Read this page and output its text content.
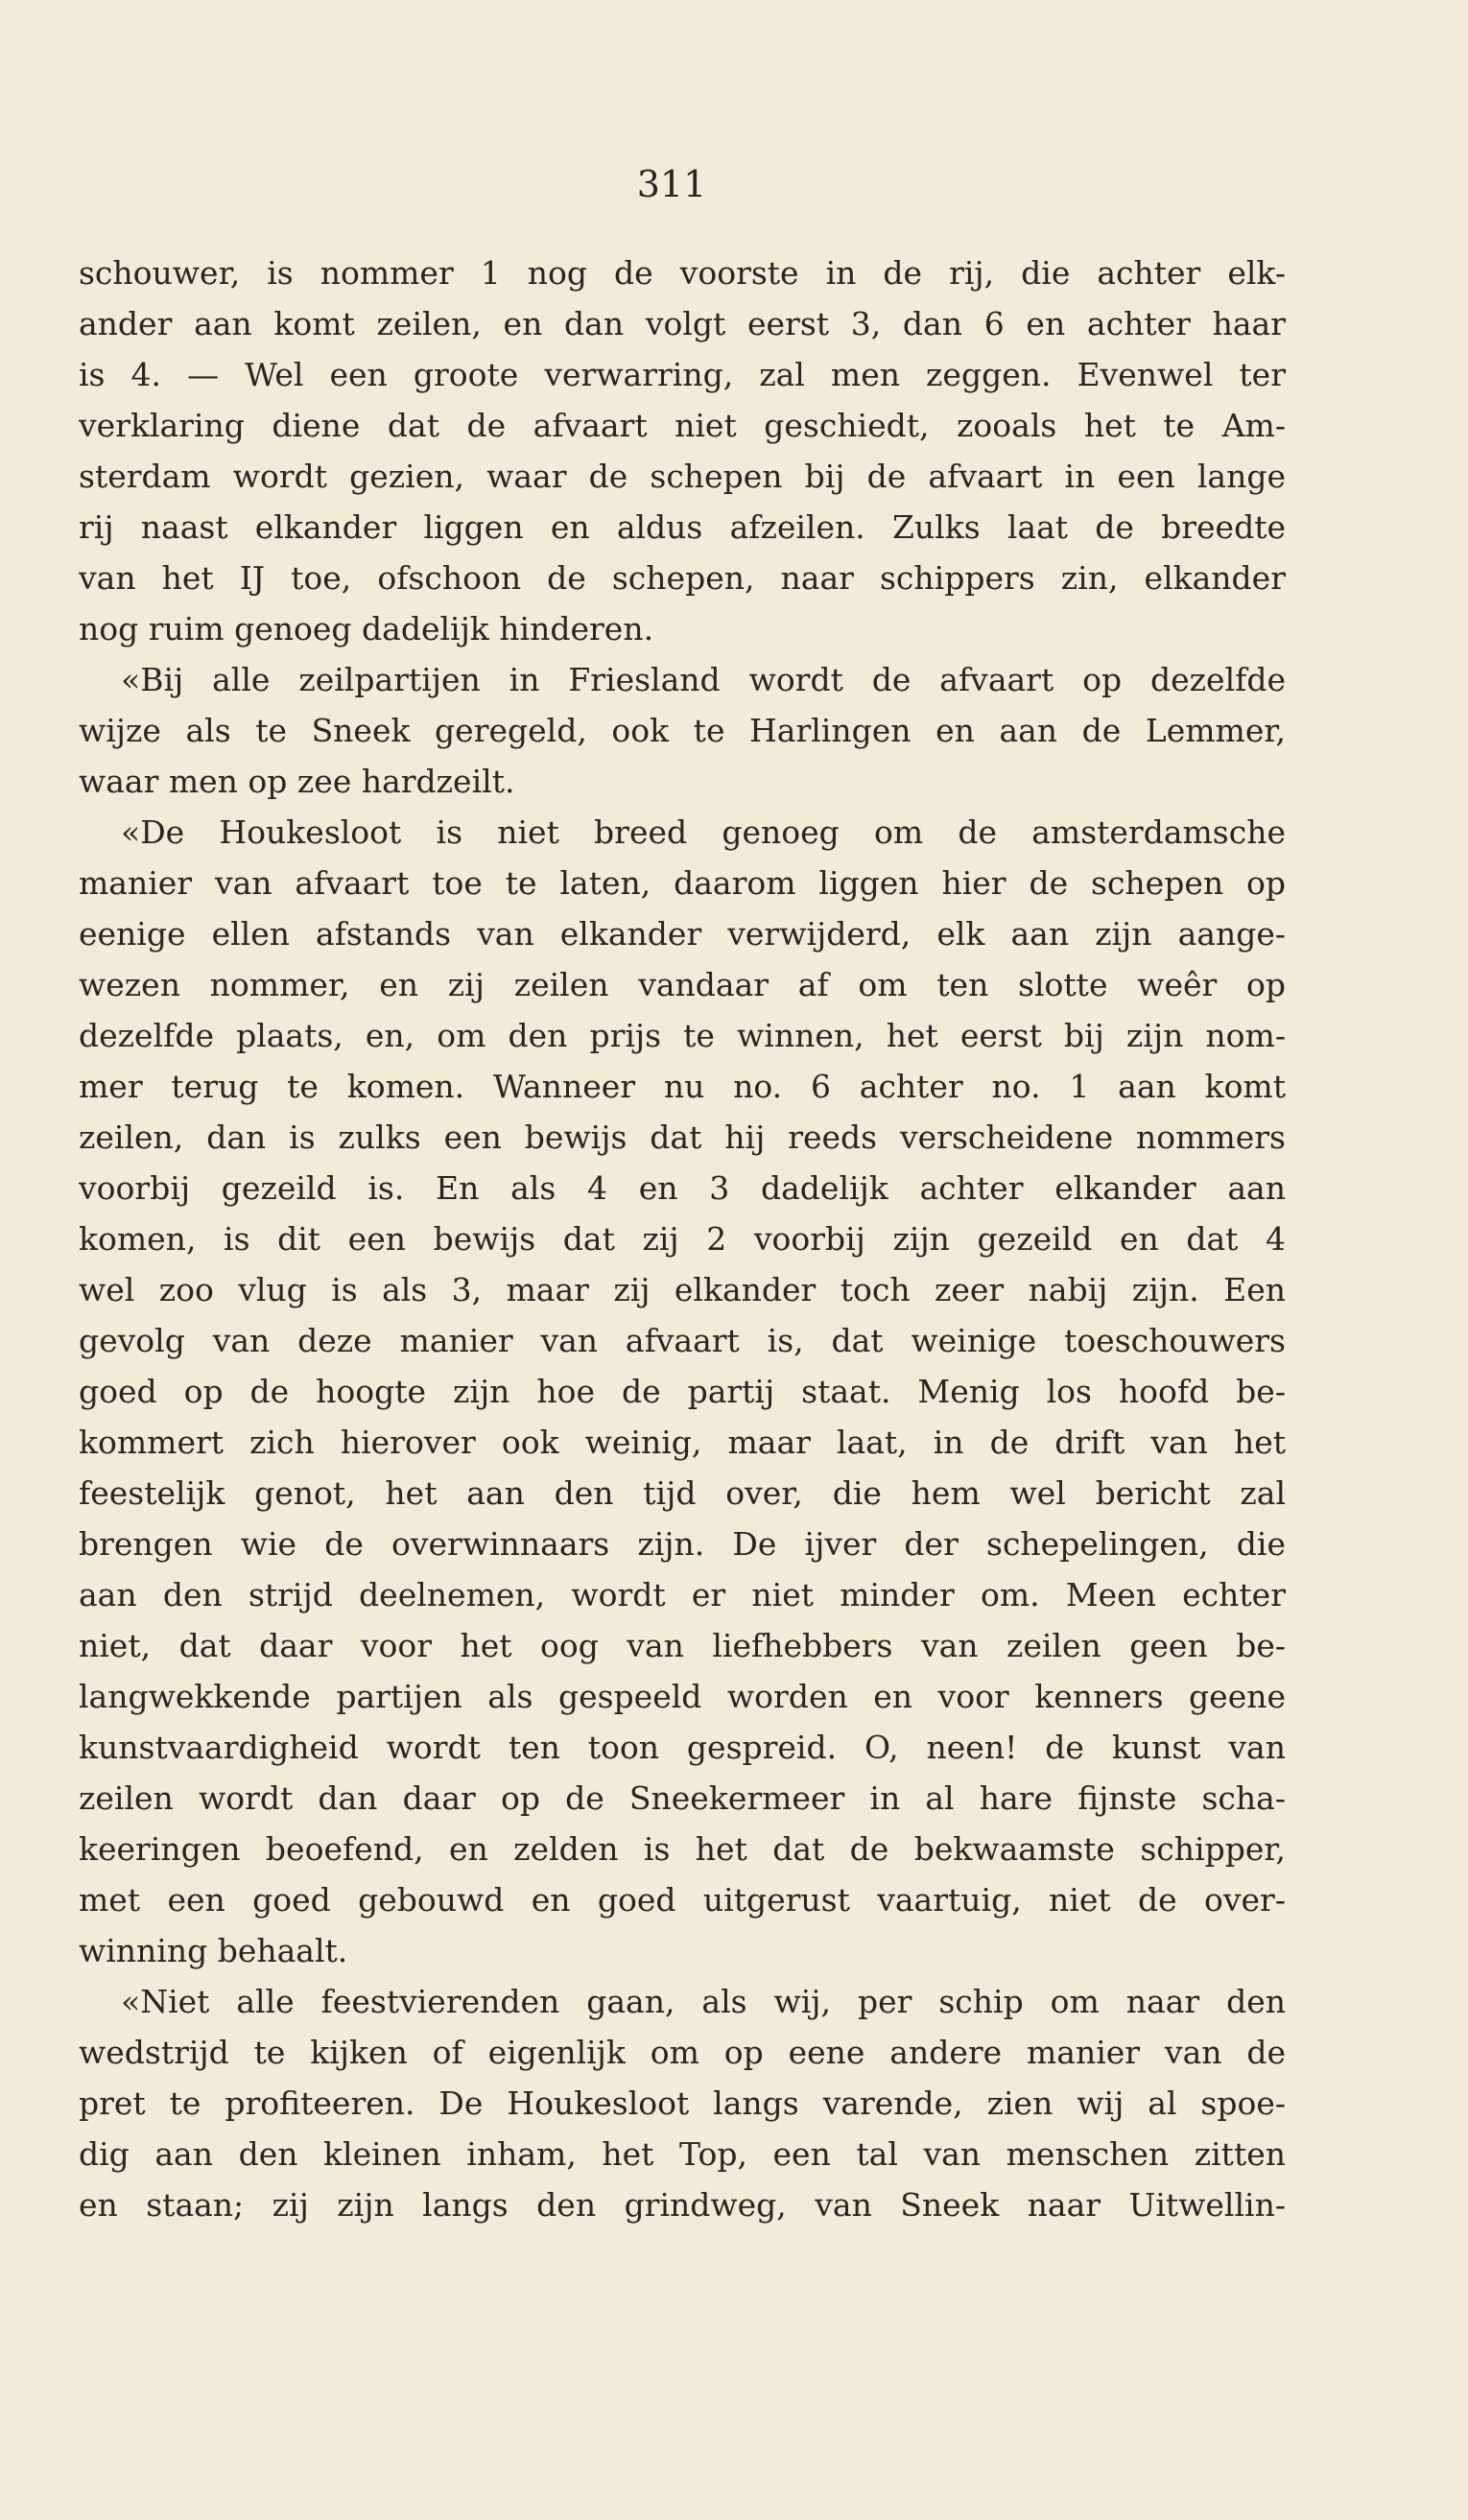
311
schouwer, is nommer 1 nog de voorste in de rij, die achter elk-
ander aan komt zeilen, en dan volgt eerst 3, dan 6 en achter haar
is 4. — Wel een groote verwarring, zal men zeggen. Evenwel ter
verklaring diene dat de afvaart niet geschiedt, zooals het te Am-
sterdam wordt gezien, waar de schepen bij de afvaart in een lange
rij naast elkander liggen en aldus afzeilen. Zulks laat de breedte
van het IJ toe, ofschoon de schepen, naar schippers zin, elkander
nog ruim genoeg dadelijk hinderen.
«Bij alle zeilpartijen in Friesland wordt de afvaart op dezelfde
wijze als te Sneek geregeld, ook te Harlingen en aan de Lemmer,
waar men op zee hardzeilt.
«De Houkesloot is niet breed genoeg om de amsterdamsche
manier van afvaart toe te laten, daarom liggen hier de schepen op
eenige ellen afstands van elkander verwijderd, elk aan zijn aange-
wezen nommer, en zij zeilen vandaar af om ten slotte weêr op
dezelfde plaats, en, om den prijs te winnen, het eerst bij zijn nom-
mer terug te komen. Wanneer nu no. 6 achter no. 1 aan komt
zeilen, dan is zulks een bewijs dat hij reeds verscheidene nommers
voorbij gezeild is. En als 4 en 3 dadelijk achter elkander aan
komen, is dit een bewijs dat zij 2 voorbij zijn gezeild en dat 4
wel zoo vlug is als 3, maar zij elkander toch zeer nabij zijn. Een
gevolg van deze manier van afvaart is, dat weinige toeschouwers
goed op de hoogte zijn hoe de partij staat. Menig los hoofd be-
kommert zich hierover ook weinig, maar laat, in de drift van het
feestelijk genot, het aan den tijd over, die hem wel bericht zal
brengen wie de overwinnaars zijn. De ijver der schepelingen, die
aan den strijd deelnemen, wordt er niet minder om. Meen echter
niet, dat daar voor het oog van liefhebbers van zeilen geen be-
langwekkende partijen als gespeeld worden en voor kenners geene
kunstvaardigheid wordt ten toon gespreid. O, neen! de kunst van
zeilen wordt dan daar op de Sneekermeer in al hare fijnste scha-
keeringen beoefend, en zelden is het dat de bekwaamste schipper,
met een goed gebouwd en goed uitgerust vaartuig, niet de over-
winning behaalt.
«Niet alle feestvierenden gaan, als wij, per schip om naar den
wedstrijd te kijken of eigenlijk om op eene andere manier van de
pret te profiteeren. De Houkesloot langs varende, zien wij al spoe-
dig aan den kleinen inham, het Top, een tal van menschen zitten
en staan; zij zijn langs den grindweg, van Sneek naar Uitwellin-
